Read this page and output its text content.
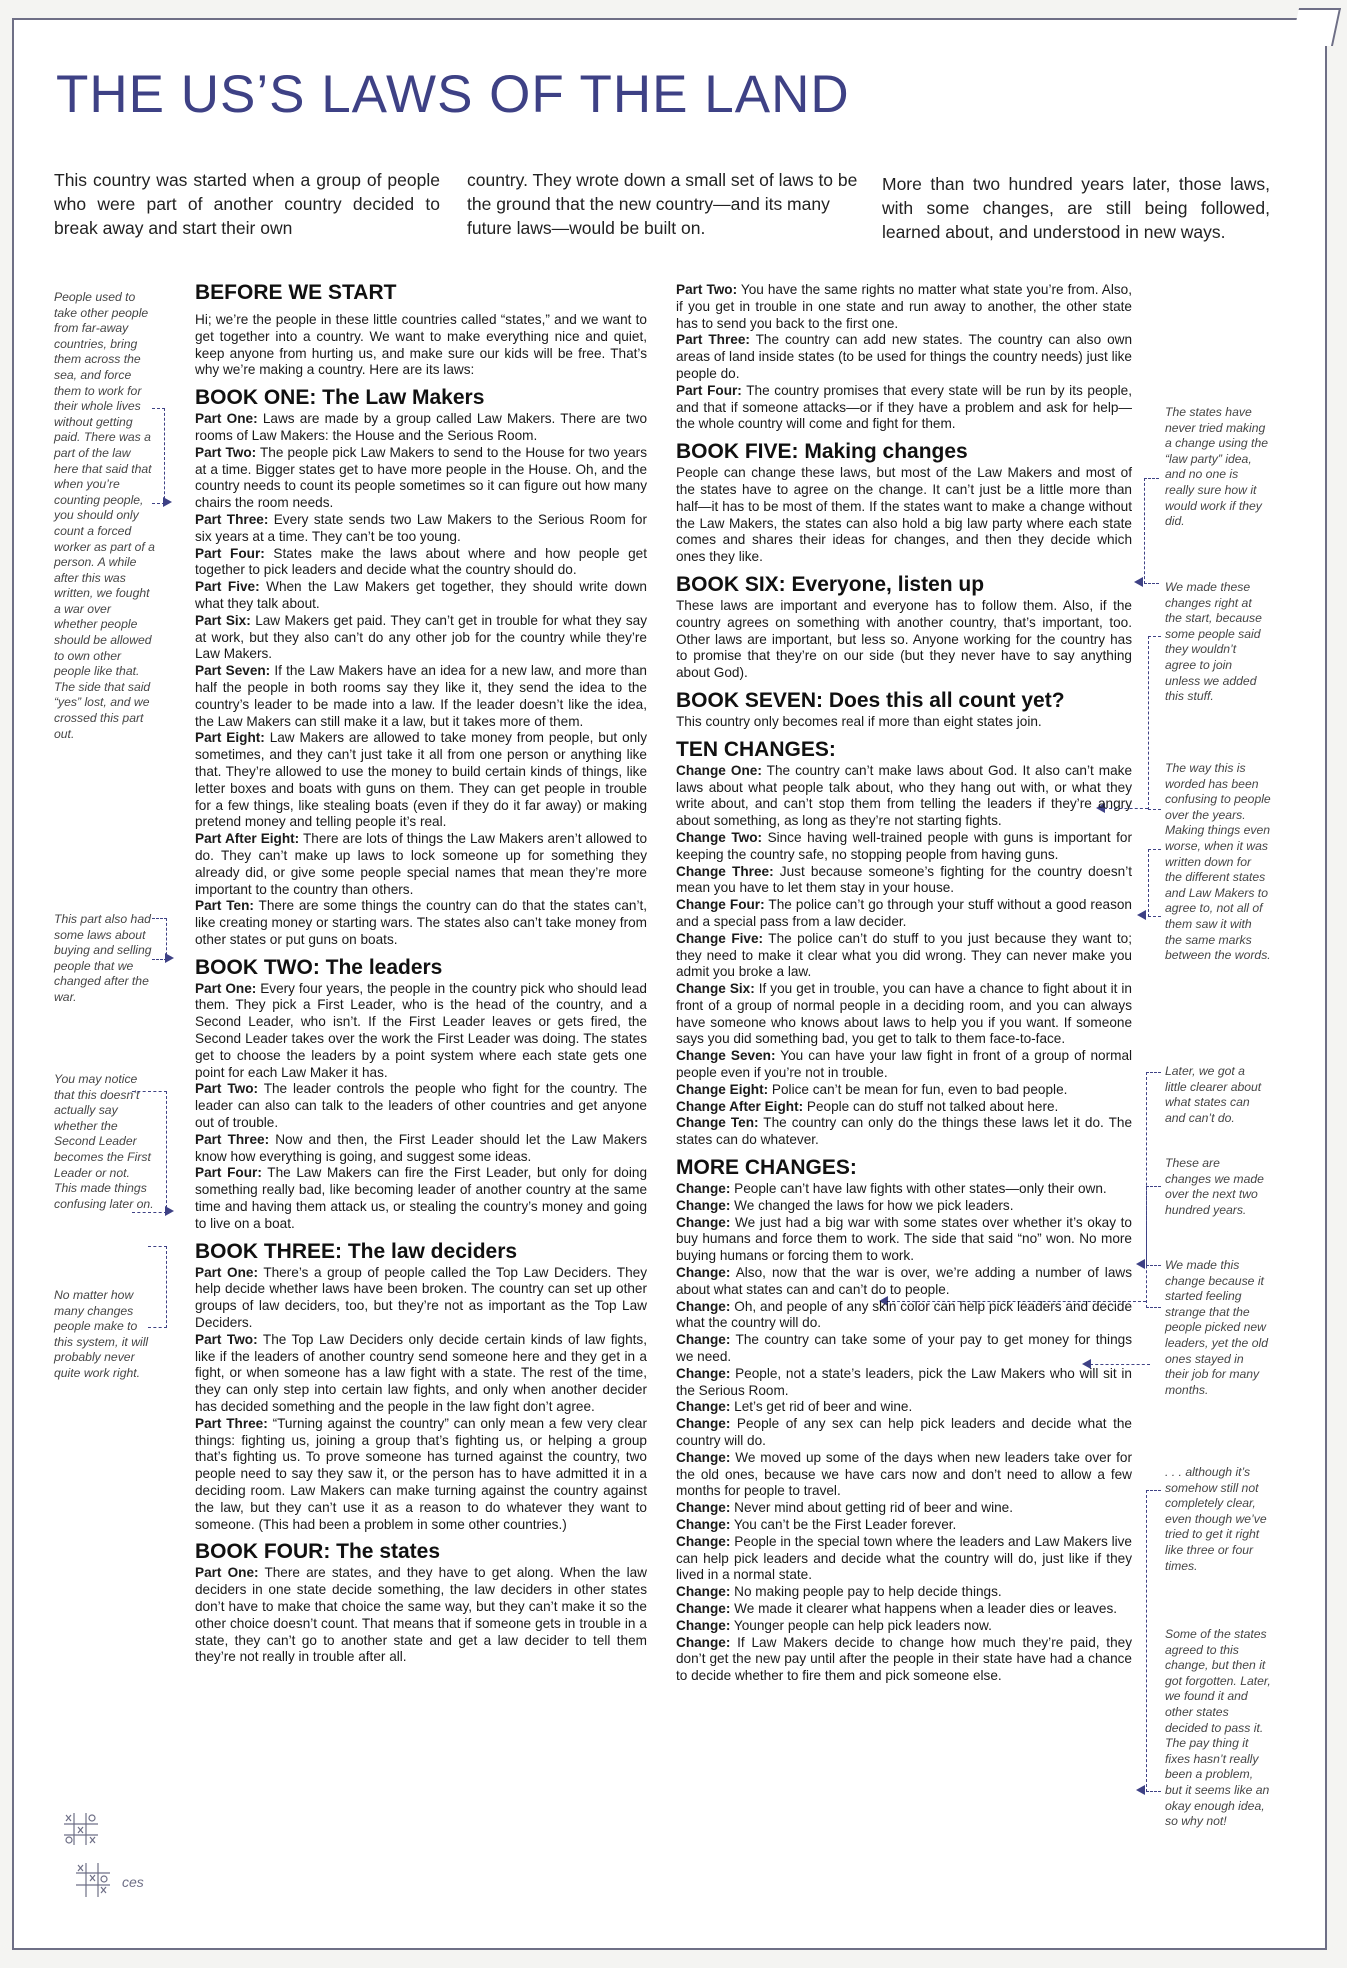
THE US’S LAWS OF THE LAND

This country was started when a group of people who were part of another country decided to break away and start their own

country. They wrote down a small set of laws to be the ground that the new country—and its many future laws—would be built on.

More than two hundred years later, those laws, with some changes, are still being followed, learned about, and understood in new ways.

People used to take other people from far-away countries, bring them across the sea, and force them to work for their whole lives without getting paid. There was a part of the law here that said that when you’re counting people, you should only count a forced worker as part of a person. A while after this was written, we fought a war over whether people should be allowed to own other people like that. The side that said “yes” lost, and we crossed this part out.
This part also had some laws about buying and selling people that we changed after the war.
You may notice that this doesn’t actually say whether the Second Leader becomes the First Leader or not. This made things confusing later on.
No matter how many changes people make to this system, it will probably never quite work right.
The states have never tried making a change using the “law party” idea, and no one is really sure how it would work if they did.
We made these changes right at the start, because some people said they wouldn’t agree to join unless we added this stuff.
The way this is worded has been confusing to people over the years. Making things even worse, when it was written down for the different states and Law Makers to agree to, not all of them saw it with the same marks between the words.
Later, we got a little clearer about what states can and can’t do.
These are changes we made over the next two hundred years.
We made this change because it started feeling strange that the people picked new leaders, yet the old ones stayed in their job for many months.
. . . although it’s somehow still not completely clear, even though we’ve tried to get it right like three or four times.
Some of the states agreed to this change, but then it got forgotten. Later, we found it and other states decided to pass it. The pay thing it fixes hasn’t really been a problem, but it seems like an okay enough idea, so why not!
BEFORE WE START

Hi; we’re the people in these little countries called “states,” and we want to get together into a country. We want to make everything nice and quiet, keep anyone from hurting us, and make sure our kids will be free. That’s why we’re making a country. Here are its laws:

BOOK ONE: The Law Makers

Part One: Laws are made by a group called Law Makers. There are two rooms of Law Makers: the House and the Serious Room.

Part Two: The people pick Law Makers to send to the House for two years at a time. Bigger states get to have more people in the House. Oh, and the country needs to count its people sometimes so it can figure out how many chairs the room needs.

Part Three: Every state sends two Law Makers to the Serious Room for six years at a time. They can’t be too young.

Part Four: States make the laws about where and how people get together to pick leaders and decide what the country should do.

Part Five: When the Law Makers get together, they should write down what they talk about.

Part Six: Law Makers get paid. They can’t get in trouble for what they say at work, but they also can’t do any other job for the country while they’re Law Makers.

Part Seven: If the Law Makers have an idea for a new law, and more than half the people in both rooms say they like it, they send the idea to the country’s leader to be made into a law. If the leader doesn’t like the idea, the Law Makers can still make it a law, but it takes more of them.

Part Eight: Law Makers are allowed to take money from people, but only sometimes, and they can’t just take it all from one person or anything like that. They’re allowed to use the money to build certain kinds of things, like letter boxes and boats with guns on them. They can get people in trouble for a few things, like stealing boats (even if they do it far away) or making pretend money and telling people it’s real.

Part After Eight: There are lots of things the Law Makers aren’t allowed to do. They can’t make up laws to lock someone up for something they already did, or give some people special names that mean they’re more important to the country than others.

Part Ten: There are some things the country can do that the states can’t, like creating money or starting wars. The states also can’t take money from other states or put guns on boats.

BOOK TWO: The leaders

Part One: Every four years, the people in the country pick who should lead them. They pick a First Leader, who is the head of the country, and a Second Leader, who isn’t. If the First Leader leaves or gets fired, the Second Leader takes over the work the First Leader was doing. The states get to choose the leaders by a point system where each state gets one point for each Law Maker it has.

Part Two: The leader controls the people who fight for the country. The leader can also can talk to the leaders of other countries and get anyone out of trouble.

Part Three: Now and then, the First Leader should let the Law Makers know how everything is going, and suggest some ideas.

Part Four: The Law Makers can fire the First Leader, but only for doing something really bad, like becoming leader of another country at the same time and having them attack us, or stealing the country’s money and going to live on a boat.

BOOK THREE: The law deciders

Part One: There’s a group of people called the Top Law Deciders. They help decide whether laws have been broken. The country can set up other groups of law deciders, too, but they’re not as important as the Top Law Deciders.

Part Two: The Top Law Deciders only decide certain kinds of law fights, like if the leaders of another country send someone here and they get in a fight, or when someone has a law fight with a state. The rest of the time, they can only step into certain law fights, and only when another decider has decided something and the people in the law fight don’t agree.

Part Three: “Turning against the country” can only mean a few very clear things: fighting us, joining a group that’s fighting us, or helping a group that’s fighting us. To prove someone has turned against the country, two people need to say they saw it, or the person has to have admitted it in a deciding room. Law Makers can make turning against the country against the law, but they can’t use it as a reason to do whatever they want to someone. (This had been a problem in some other countries.)

BOOK FOUR: The states

Part One: There are states, and they have to get along. When the law deciders in one state decide something, the law deciders in other states don’t have to make that choice the same way, but they can’t make it so the other choice doesn’t count. That means that if someone gets in trouble in a state, they can’t go to another state and get a law decider to tell them they’re not really in trouble after all.

Part Two: You have the same rights no matter what state you’re from. Also, if you get in trouble in one state and run away to another, the other state has to send you back to the first one.

Part Three: The country can add new states. The country can also own areas of land inside states (to be used for things the country needs) just like people do.

Part Four: The country promises that every state will be run by its people, and that if someone attacks—or if they have a problem and ask for help—the whole country will come and fight for them.

BOOK FIVE: Making changes

People can change these laws, but most of the Law Makers and most of the states have to agree on the change. It can’t just be a little more than half—it has to be most of them. If the states want to make a change without the Law Makers, the states can also hold a big law party where each state comes and shares their ideas for changes, and then they decide which ones they like.

BOOK SIX: Everyone, listen up

These laws are important and everyone has to follow them. Also, if the country agrees on something with another country, that’s important, too. Other laws are important, but less so. Anyone working for the country has to promise that they’re on our side (but they never have to say anything about God).

BOOK SEVEN: Does this all count yet?

This country only becomes real if more than eight states join.

TEN CHANGES:

Change One: The country can’t make laws about God. It also can’t make laws about what people talk about, who they hang out with, or what they write about, and can’t stop them from telling the leaders if they’re angry about something, as long as they’re not starting fights.

Change Two: Since having well-trained people with guns is important for keeping the country safe, no stopping people from having guns.

Change Three: Just because someone’s fighting for the country doesn’t mean you have to let them stay in your house.

Change Four: The police can’t go through your stuff without a good reason and a special pass from a law decider.

Change Five: The police can’t do stuff to you just because they want to; they need to make it clear what you did wrong. They can never make you admit you broke a law.

Change Six: If you get in trouble, you can have a chance to fight about it in front of a group of normal people in a deciding room, and you can always have someone who knows about laws to help you if you want. If someone says you did something bad, you get to talk to them face-to-face.

Change Seven: You can have your law fight in front of a group of normal people even if you’re not in trouble.

Change Eight: Police can’t be mean for fun, even to bad people.

Change After Eight: People can do stuff not talked about here.

Change Ten: The country can only do the things these laws let it do. The states can do whatever.

MORE CHANGES:

Change: People can’t have law fights with other states—only their own.

Change: We changed the laws for how we pick leaders.

Change: We just had a big war with some states over whether it’s okay to buy humans and force them to work. The side that said “no” won. No more buying humans or forcing them to work.

Change: Also, now that the war is over, we’re adding a number of laws about what states can and can’t do to people.

Change: Oh, and people of any skin color can help pick leaders and decide what the country will do.

Change: The country can take some of your pay to get money for things we need.

Change: People, not a state’s leaders, pick the Law Makers who will sit in the Serious Room.

Change: Let’s get rid of beer and wine.

Change: People of any sex can help pick leaders and decide what the country will do.

Change: We moved up some of the days when new leaders take over for the old ones, because we have cars now and don’t need to allow a few months for people to travel.

Change: Never mind about getting rid of beer and wine.

Change: You can’t be the First Leader forever.

Change: People in the special town where the leaders and Law Makers live can help pick leaders and decide what the country will do, just like if they lived in a normal state.

Change: No making people pay to help decide things.

Change: We made it clearer what happens when a leader dies or leaves.

Change: Younger people can help pick leaders now.

Change: If Law Makers decide to change how much they’re paid, they don’t get the new pay until after the people in their state have had a chance to decide whether to fire them and pick someone else.

ces
